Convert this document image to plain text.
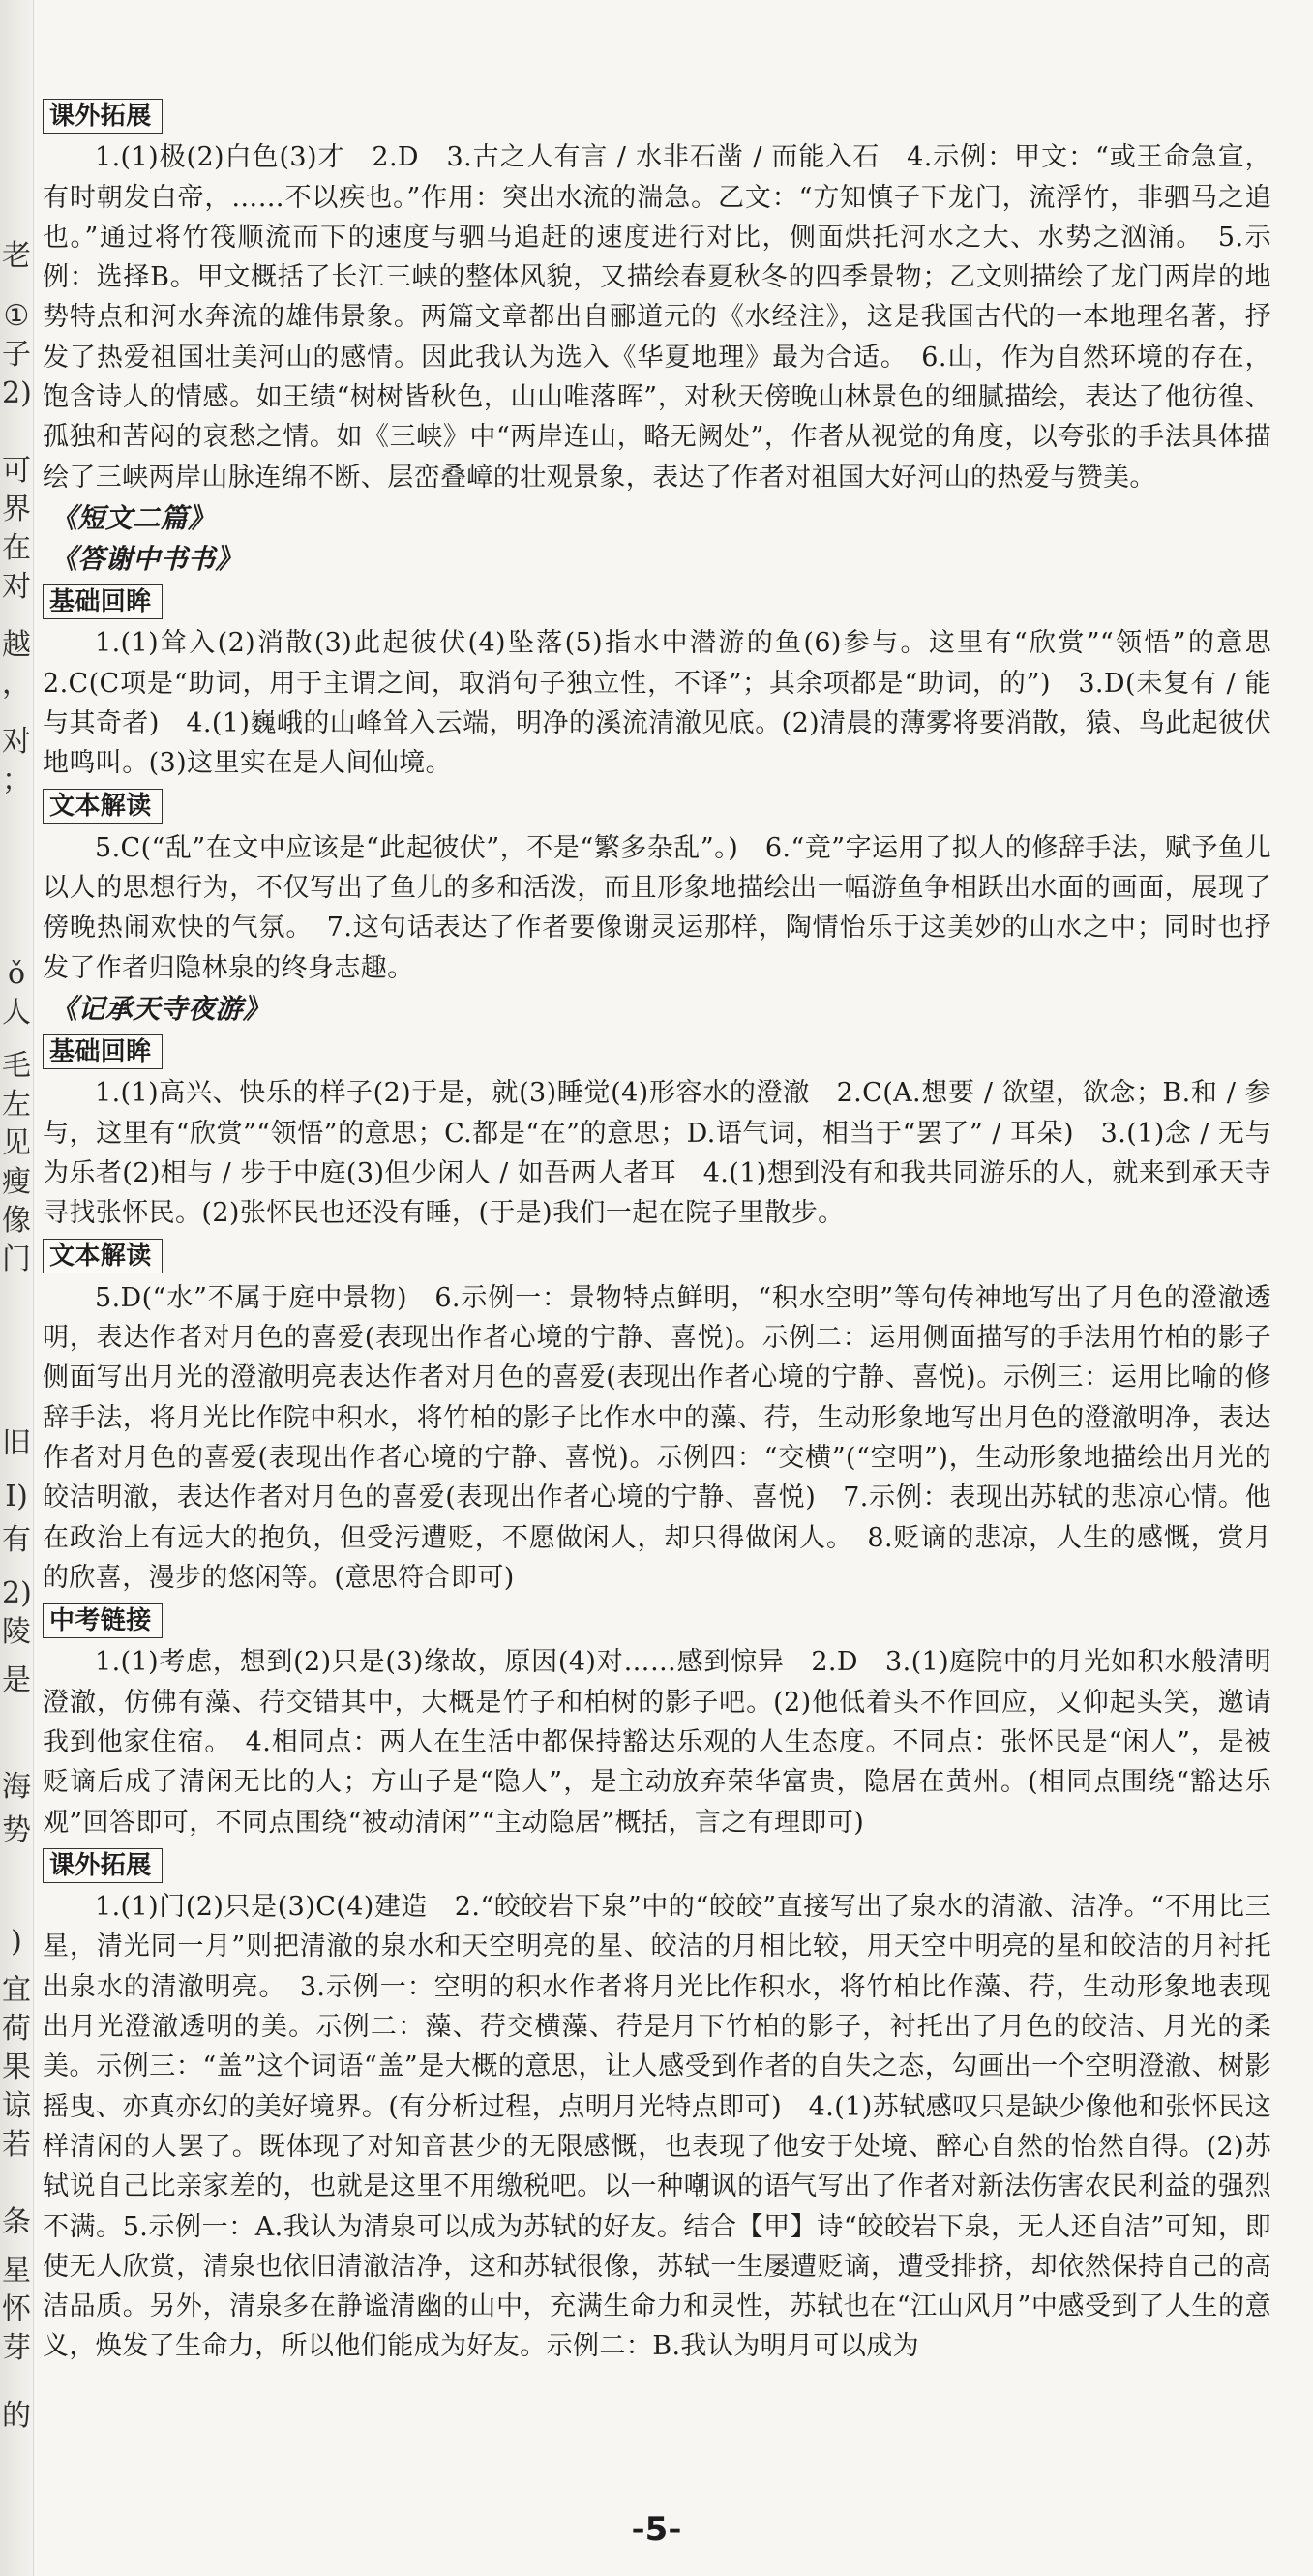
老
①
子
2)
可
界
在
对
越
，
对
；
ǒ
人
毛
左
见
瘦
像
门
旧
I)
有
2)
陵
是
海
势
)
宜
荷
果
谅
若
条
星
怀
芽
的
课外拓展

1.(1)极(2)白色(3)才　2.D　3.古之人有言 / 水非石凿 / 而能入石　4.示例：甲文：“或王命急宣，有时朝发白帝，……不以疾也。”作用：突出水流的湍急。乙文：“方知慎子下龙门，流浮竹，非驷马之追也。”通过将竹筏顺流而下的速度与驷马追赶的速度进行对比，侧面烘托河水之大、水势之汹涌。　5.示例：选择B。甲文概括了长江三峡的整体风貌，又描绘春夏秋冬的四季景物；乙文则描绘了龙门两岸的地势特点和河水奔流的雄伟景象。两篇文章都出自郦道元的《水经注》，这是我国古代的一本地理名著，抒发了热爱祖国壮美河山的感情。因此我认为选入《华夏地理》最为合适。　6.山，作为自然环境的存在，饱含诗人的情感。如王绩“树树皆秋色，山山唯落晖”，对秋天傍晚山林景色的细腻描绘，表达了他彷徨、孤独和苦闷的哀愁之情。如《三峡》中“两岸连山，略无阙处”，作者从视觉的角度，以夸张的手法具体描绘了三峡两岸山脉连绵不断、层峦叠嶂的壮观景象，表达了作者对祖国大好河山的热爱与赞美。

《短文二篇》
《答谢中书书》
基础回眸

1.(1)耸入(2)消散(3)此起彼伏(4)坠落(5)指水中潜游的鱼(6)参与。这里有“欣赏”“领悟”的意思　2.C(C项是“助词，用于主谓之间，取消句子独立性，不译”；其余项都是“助词，的”)　3.D(未复有 / 能与其奇者)　4.(1)巍峨的山峰耸入云端，明净的溪流清澈见底。(2)清晨的薄雾将要消散，猿、鸟此起彼伏地鸣叫。(3)这里实在是人间仙境。

文本解读

5.C(“乱”在文中应该是“此起彼伏”，不是“繁多杂乱”。)　6.“竞”字运用了拟人的修辞手法，赋予鱼儿以人的思想行为，不仅写出了鱼儿的多和活泼，而且形象地描绘出一幅游鱼争相跃出水面的画面，展现了傍晚热闹欢快的气氛。　7.这句话表达了作者要像谢灵运那样，陶情怡乐于这美妙的山水之中；同时也抒发了作者归隐林泉的终身志趣。

《记承天寺夜游》
基础回眸

1.(1)高兴、快乐的样子(2)于是，就(3)睡觉(4)形容水的澄澈　2.C(A.想要 / 欲望，欲念；B.和 / 参与，这里有“欣赏”“领悟”的意思；C.都是“在”的意思；D.语气词，相当于“罢了” / 耳朵)　3.(1)念 / 无与为乐者(2)相与 / 步于中庭(3)但少闲人 / 如吾两人者耳　4.(1)想到没有和我共同游乐的人，就来到承天寺寻找张怀民。(2)张怀民也还没有睡，(于是)我们一起在院子里散步。

文本解读

5.D(“水”不属于庭中景物)　6.示例一：景物特点鲜明，“积水空明”等句传神地写出了月色的澄澈透明，表达作者对月色的喜爱(表现出作者心境的宁静、喜悦)。示例二：运用侧面描写的手法用竹柏的影子侧面写出月光的澄澈明亮表达作者对月色的喜爱(表现出作者心境的宁静、喜悦)。示例三：运用比喻的修辞手法，将月光比作院中积水，将竹柏的影子比作水中的藻、荇，生动形象地写出月色的澄澈明净，表达作者对月色的喜爱(表现出作者心境的宁静、喜悦)。示例四：“交横”(“空明”)，生动形象地描绘出月光的皎洁明澈，表达作者对月色的喜爱(表现出作者心境的宁静、喜悦)　7.示例：表现出苏轼的悲凉心情。他在政治上有远大的抱负，但受污遭贬，不愿做闲人，却只得做闲人。　8.贬谪的悲凉，人生的感慨，赏月的欣喜，漫步的悠闲等。(意思符合即可)

中考链接

1.(1)考虑，想到(2)只是(3)缘故，原因(4)对……感到惊异　2.D　3.(1)庭院中的月光如积水般清明澄澈，仿佛有藻、荇交错其中，大概是竹子和柏树的影子吧。(2)他低着头不作回应，又仰起头笑，邀请我到他家住宿。　4.相同点：两人在生活中都保持豁达乐观的人生态度。不同点：张怀民是“闲人”，是被贬谪后成了清闲无比的人；方山子是“隐人”，是主动放弃荣华富贵，隐居在黄州。(相同点围绕“豁达乐观”回答即可，不同点围绕“被动清闲”“主动隐居”概括，言之有理即可)

课外拓展

1.(1)门(2)只是(3)C(4)建造　2.“皎皎岩下泉”中的“皎皎”直接写出了泉水的清澈、洁净。“不用比三星，清光同一月”则把清澈的泉水和天空明亮的星、皎洁的月相比较，用天空中明亮的星和皎洁的月衬托出泉水的清澈明亮。　3.示例一：空明的积水作者将月光比作积水，将竹柏比作藻、荇，生动形象地表现出月光澄澈透明的美。示例二：藻、荇交横藻、荇是月下竹柏的影子，衬托出了月色的皎洁、月光的柔美。示例三：“盖”这个词语“盖”是大概的意思，让人感受到作者的自失之态，勾画出一个空明澄澈、树影摇曳、亦真亦幻的美好境界。(有分析过程，点明月光特点即可)　4.(1)苏轼感叹只是缺少像他和张怀民这样清闲的人罢了。既体现了对知音甚少的无限感慨，也表现了他安于处境、醉心自然的怡然自得。(2)苏轼说自己比亲家差的，也就是这里不用缴税吧。以一种嘲讽的语气写出了作者对新法伤害农民利益的强烈不满。5.示例一：A.我认为清泉可以成为苏轼的好友。结合【甲】诗“皎皎岩下泉，无人还自洁”可知，即使无人欣赏，清泉也依旧清澈洁净，这和苏轼很像，苏轼一生屡遭贬谪，遭受排挤，却依然保持自己的高洁品质。另外，清泉多在静谧清幽的山中，充满生命力和灵性，苏轼也在“江山风月”中感受到了人生的意义，焕发了生命力，所以他们能成为好友。示例二：B.我认为明月可以成为

-5-
